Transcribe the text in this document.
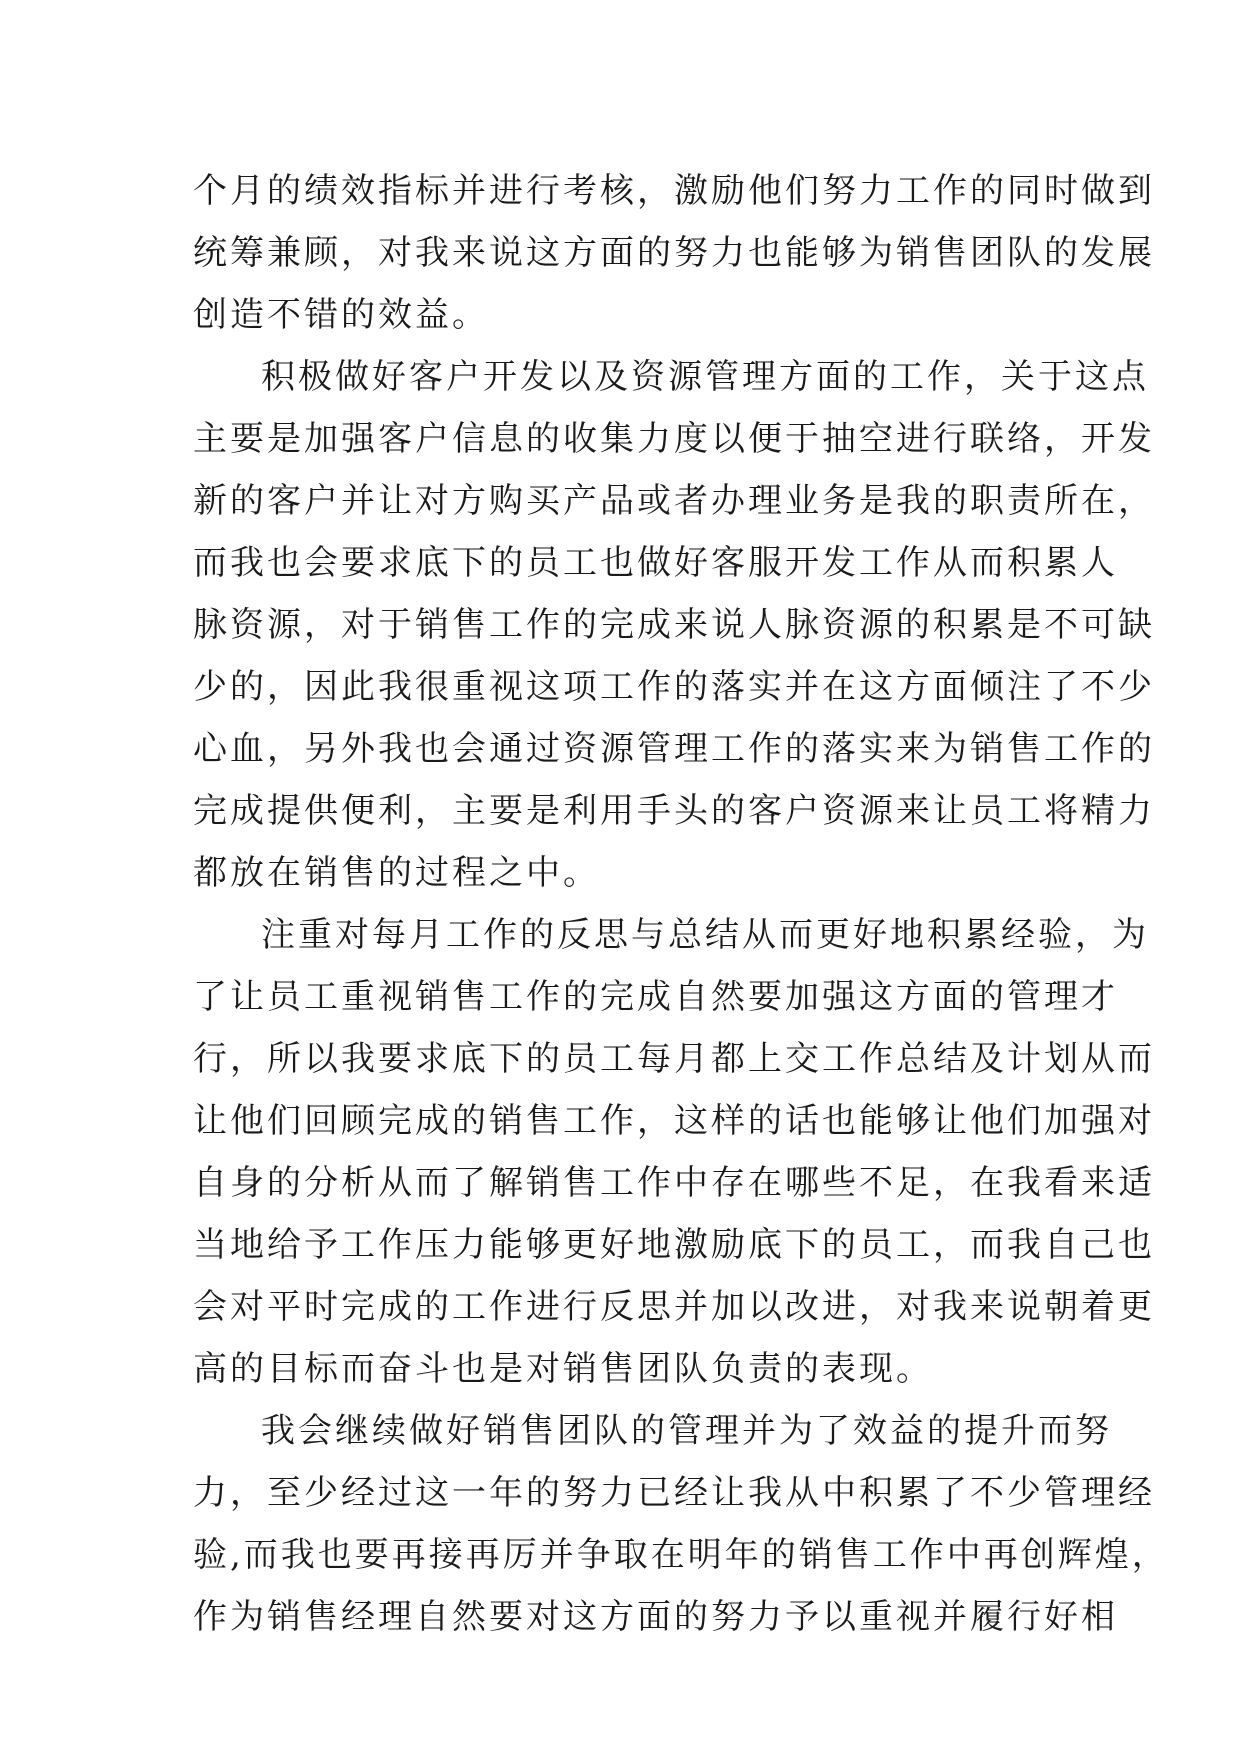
个月的绩效指标并进行考核，激励他们努力工作的同时做到
统筹兼顾，对我来说这方面的努力也能够为销售团队的发展
创造不错的效益。
积极做好客户开发以及资源管理方面的工作，关于这点
主要是加强客户信息的收集力度以便于抽空进行联络，开发
新的客户并让对方购买产品或者办理业务是我的职责所在，
而我也会要求底下的员工也做好客服开发工作从而积累人
脉资源，对于销售工作的完成来说人脉资源的积累是不可缺
少的，因此我很重视这项工作的落实并在这方面倾注了不少
心血，另外我也会通过资源管理工作的落实来为销售工作的
完成提供便利，主要是利用手头的客户资源来让员工将精力
都放在销售的过程之中。
注重对每月工作的反思与总结从而更好地积累经验，为
了让员工重视销售工作的完成自然要加强这方面的管理才
行，所以我要求底下的员工每月都上交工作总结及计划从而
让他们回顾完成的销售工作，这样的话也能够让他们加强对
自身的分析从而了解销售工作中存在哪些不足，在我看来适
当地给予工作压力能够更好地激励底下的员工，而我自己也
会对平时完成的工作进行反思并加以改进，对我来说朝着更
高的目标而奋斗也是对销售团队负责的表现。
我会继续做好销售团队的管理并为了效益的提升而努
力，至少经过这一年的努力已经让我从中积累了不少管理经
验,而我也要再接再厉并争取在明年的销售工作中再创辉煌，
作为销售经理自然要对这方面的努力予以重视并履行好相
